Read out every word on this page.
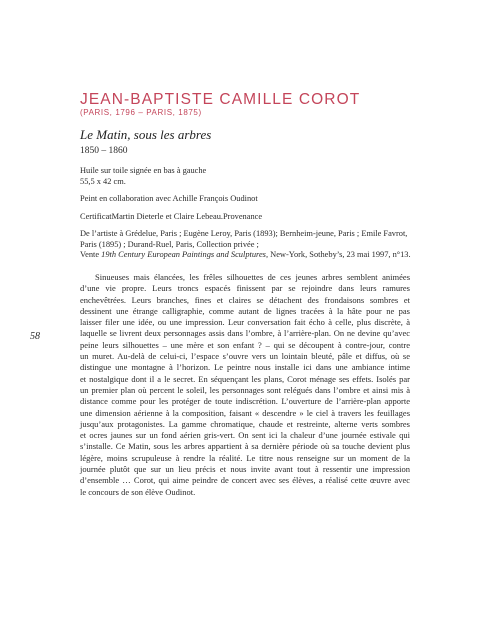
JEAN-BAPTISTE CAMILLE COROT
(PARIS, 1796 – PARIS, 1875)
Le Matin, sous les arbres
1850 – 1860
Huile sur toile signée en bas à gauche
55,5 x 42 cm.
Peint en collaboration avec Achille François Oudinot
CertificatMartin Dieterle et Claire Lebeau.Provenance
De l’artiste à Grédelue, Paris ; Eugène Leroy, Paris (1893); Bernheim-jeune, Paris ; Emile Favrot,
Paris (1895) ; Durand-Ruel, Paris, Collection privée ;
Vente 19th Century European Paintings and Sculptures, New-York, Sotheby’s, 23 mai 1997, n°13.
58
Sinueuses mais élancées, les frêles silhouettes de ces jeunes arbres semblent animées
d’une vie propre. Leurs troncs espacés finissent par se rejoindre dans leurs ramures
enchevêtrées. Leurs branches, fines et claires se détachent des frondaisons sombres et
dessinent une étrange calligraphie, comme autant de lignes tracées à la hâte pour ne pas
laisser filer une idée, ou une impression. Leur conversation fait écho à celle, plus discrète, à
laquelle se livrent deux personnages assis dans l’ombre, à l’arrière-plan. On ne devine qu’avec
peine leurs silhouettes – une mère et son enfant ? – qui se découpent à contre-jour, contre
un muret. Au-delà de celui-ci, l’espace s’ouvre vers un lointain bleuté, pâle et diffus, où se
distingue une montagne à l’horizon. Le peintre nous installe ici dans une ambiance intime
et nostalgique dont il a le secret. En séquençant les plans, Corot ménage ses effets. Isolés par
un premier plan où percent le soleil, les personnages sont relégués dans l’ombre et ainsi mis à
distance comme pour les protéger de toute indiscrétion. L’ouverture de l’arrière-plan apporte
une dimension aérienne à la composition, faisant « descendre » le ciel à travers les feuillages
jusqu’aux protagonistes. La gamme chromatique, chaude et restreinte, alterne verts sombres
et ocres jaunes sur un fond aérien gris-vert. On sent ici la chaleur d’une journée estivale qui
s’installe. Ce Matin, sous les arbres appartient à sa dernière période où sa touche devient plus
légère, moins scrupuleuse à rendre la réalité. Le titre nous renseigne sur un moment de la
journée plutôt que sur un lieu précis et nous invite avant tout à ressentir une impression
d’ensemble … Corot, qui aime peindre de concert avec ses élèves, a réalisé cette œuvre avec
le concours de son élève Oudinot.
